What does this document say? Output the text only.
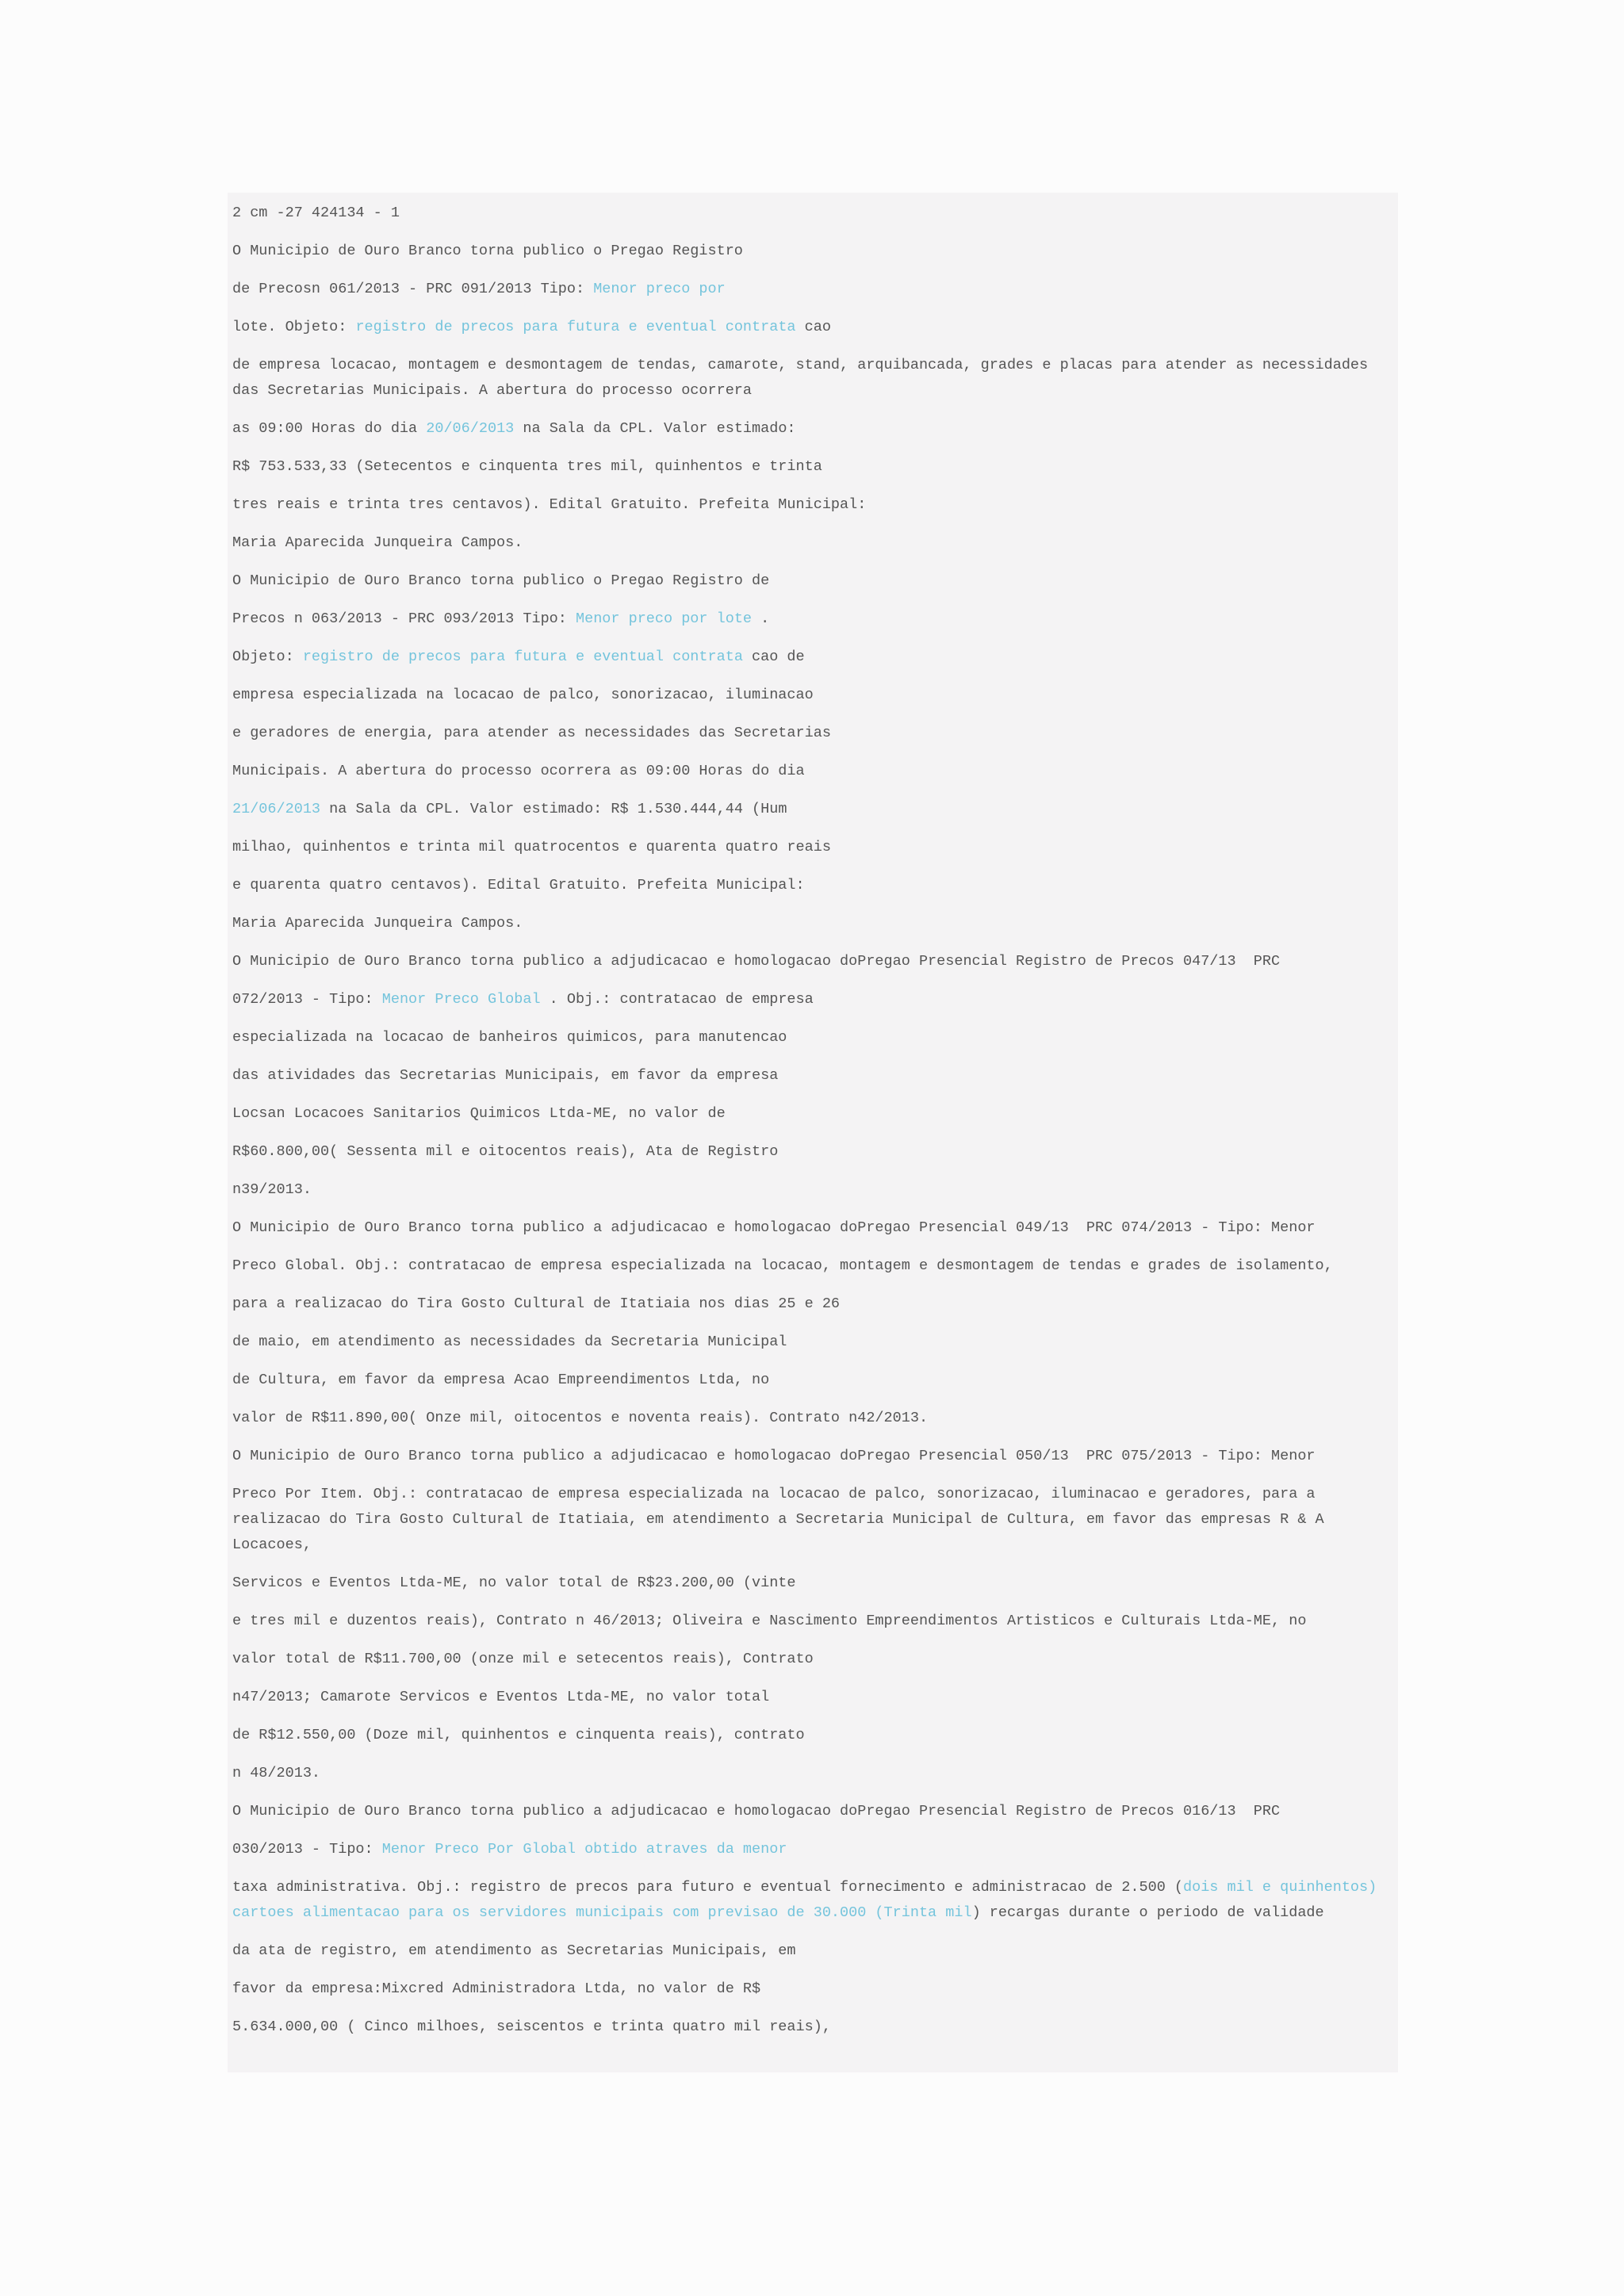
2 cm -27 424134 - 1
O Municipio de Ouro Branco torna publico o Pregao Registro
de Precosn 061/2013 - PRC 091/2013 Tipo: Menor preco por
lote. Objeto: registro de precos para futura e eventual contrata cao
de empresa locacao, montagem e desmontagem de tendas, camarote, stand, arquibancada, grades e placas para atender as necessidades das Secretarias Municipais. A abertura do processo ocorrera
as 09:00 Horas do dia 20/06/2013 na Sala da CPL. Valor estimado:
R$ 753.533,33 (Setecentos e cinquenta tres mil, quinhentos e trinta
tres reais e trinta tres centavos). Edital Gratuito. Prefeita Municipal:
Maria Aparecida Junqueira Campos.
O Municipio de Ouro Branco torna publico o Pregao Registro de
Precos n 063/2013 - PRC 093/2013 Tipo: Menor preco por lote .
Objeto: registro de precos para futura e eventual contrata cao de
empresa especializada na locacao de palco, sonorizacao, iluminacao
e geradores de energia, para atender as necessidades das Secretarias
Municipais. A abertura do processo ocorrera as 09:00 Horas do dia
21/06/2013 na Sala da CPL. Valor estimado: R$ 1.530.444,44 (Hum
milhao, quinhentos e trinta mil quatrocentos e quarenta quatro reais
e quarenta quatro centavos). Edital Gratuito. Prefeita Municipal:
Maria Aparecida Junqueira Campos.
O Municipio de Ouro Branco torna publico a adjudicacao e homologacao doPregao Presencial Registro de Precos 047/13  PRC
072/2013 - Tipo: Menor Preco Global . Obj.: contratacao de empresa
especializada na locacao de banheiros quimicos, para manutencao
das atividades das Secretarias Municipais, em favor da empresa
Locsan Locacoes Sanitarios Quimicos Ltda-ME, no valor de
R$60.800,00( Sessenta mil e oitocentos reais), Ata de Registro
n39/2013.
O Municipio de Ouro Branco torna publico a adjudicacao e homologacao doPregao Presencial 049/13  PRC 074/2013 - Tipo: Menor
Preco Global. Obj.: contratacao de empresa especializada na locacao, montagem e desmontagem de tendas e grades de isolamento,
para a realizacao do Tira Gosto Cultural de Itatiaia nos dias 25 e 26
de maio, em atendimento as necessidades da Secretaria Municipal
de Cultura, em favor da empresa Acao Empreendimentos Ltda, no
valor de R$11.890,00( Onze mil, oitocentos e noventa reais). Contrato n42/2013.
O Municipio de Ouro Branco torna publico a adjudicacao e homologacao doPregao Presencial 050/13  PRC 075/2013 - Tipo: Menor
Preco Por Item. Obj.: contratacao de empresa especializada na locacao de palco, sonorizacao, iluminacao e geradores, para a realizacao do Tira Gosto Cultural de Itatiaia, em atendimento a Secretaria Municipal de Cultura, em favor das empresas R & A Locacoes,
Servicos e Eventos Ltda-ME, no valor total de R$23.200,00 (vinte
e tres mil e duzentos reais), Contrato n 46/2013; Oliveira e Nascimento Empreendimentos Artisticos e Culturais Ltda-ME, no
valor total de R$11.700,00 (onze mil e setecentos reais), Contrato
n47/2013; Camarote Servicos e Eventos Ltda-ME, no valor total
de R$12.550,00 (Doze mil, quinhentos e cinquenta reais), contrato
n 48/2013.
O Municipio de Ouro Branco torna publico a adjudicacao e homologacao doPregao Presencial Registro de Precos 016/13  PRC
030/2013 - Tipo: Menor Preco Por Global obtido atraves da menor
taxa administrativa. Obj.: registro de precos para futuro e eventual fornecimento e administracao de 2.500 (dois mil e quinhentos) cartoes alimentacao para os servidores municipais com previsao de 30.000 (Trinta mil) recargas durante o periodo de validade
da ata de registro, em atendimento as Secretarias Municipais, em
favor da empresa:Mixcred Administradora Ltda, no valor de R$
5.634.000,00 ( Cinco milhoes, seiscentos e trinta quatro mil reais),
